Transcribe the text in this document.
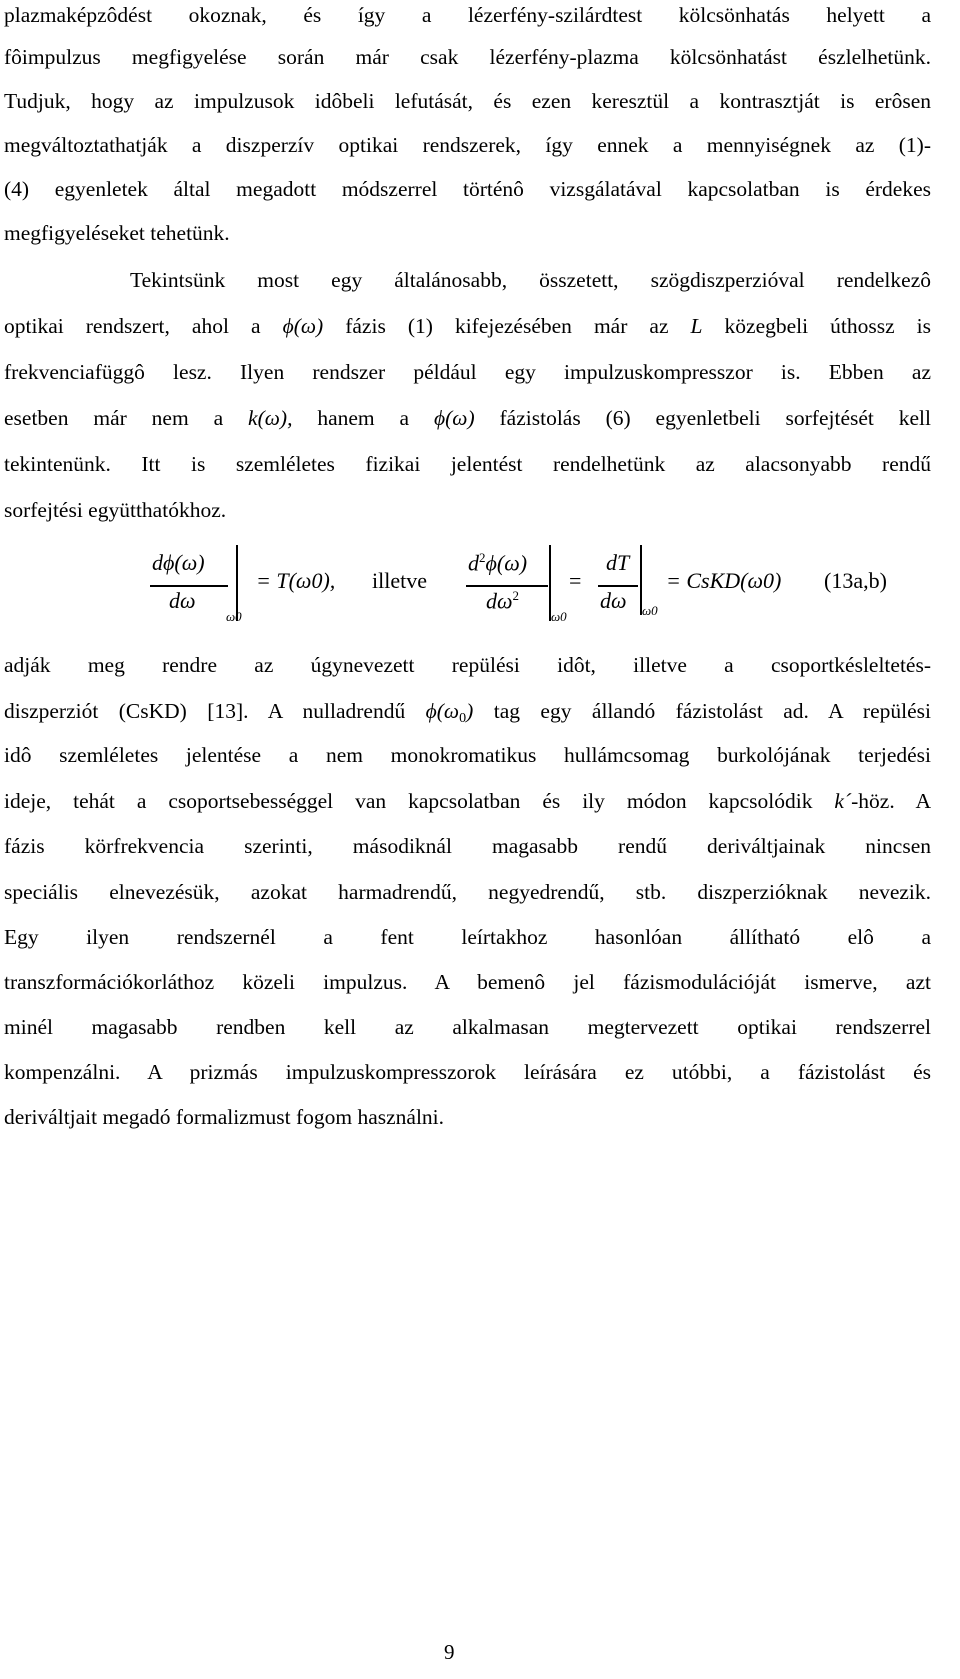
plazmaképzôdést okoznak, és így a lézerfény-szilárdtest kölcsönhatás helyett a
fôimpulzus megfigyelése során már csak lézerfény-plazma kölcsönhatást észlelhetünk.
Tudjuk, hogy az impulzusok idôbeli lefutását, és ezen keresztül a kontrasztját is erôsen
megváltoztathatják a diszperzív optikai rendszerek, így ennek a mennyiségnek az (1)-
(4) egyenletek által megadott módszerrel történô vizsgálatával kapcsolatban is érdekes
megfigyeléseket tehetünk.
Tekintsünk most egy általánosabb, összetett, szögdiszperzióval rendelkezô
optikai rendszert, ahol a ϕ(ω) fázis (1) kifejezésében már az L közegbeli úthossz is
frekvenciafüggô lesz. Ilyen rendszer például egy impulzuskompresszor is. Ebben az
esetben már nem a k(ω), hanem a ϕ(ω) fázistolás (6) egyenletbeli sorfejtését kell
tekintenünk. Itt is szemléletes fizikai jelentést rendelhetünk az alacsonyabb rendű
sorfejtési együtthatókhoz.
dϕ(ω)
dω
ω0
= T(ω0), illetve
$d^2\phi(\omega)$
$d\omega^2$
ω0
=
dT
dω ω0
= CsKD(ω0) (13a,b)
adják meg rendre az úgynevezett repülési idôt, illetve a csoportkésleltetés-
diszperziót (CsKD) [13]. A nulladrendű $\phi(\omega_0)$ tag egy állandó fázistolást ad. A repülési
idô szemléletes jelentése a nem monokromatikus hullámcsomag burkolójának terjedési
ideje, tehát a csoportsebességgel van kapcsolatban és ily módon kapcsolódik k´-höz. A
fázis körfrekvencia szerinti, másodiknál magasabb rendű deriváltjainak nincsen
speciális elnevezésük, azokat harmadrendű, negyedrendű, stb. diszperzióknak nevezik.
Egy ilyen rendszernél a fent leírtakhoz hasonlóan állítható elô a
transzformációkorláthoz közeli impulzus. A bemenô jel fázismodulációját ismerve, azt
minél magasabb rendben kell az alkalmasan megtervezett optikai rendszerrel
kompenzálni. A prizmás impulzuskompresszorok leírására ez utóbbi, a fázistolást és
deriváltjait megadó formalizmust fogom használni.
9
